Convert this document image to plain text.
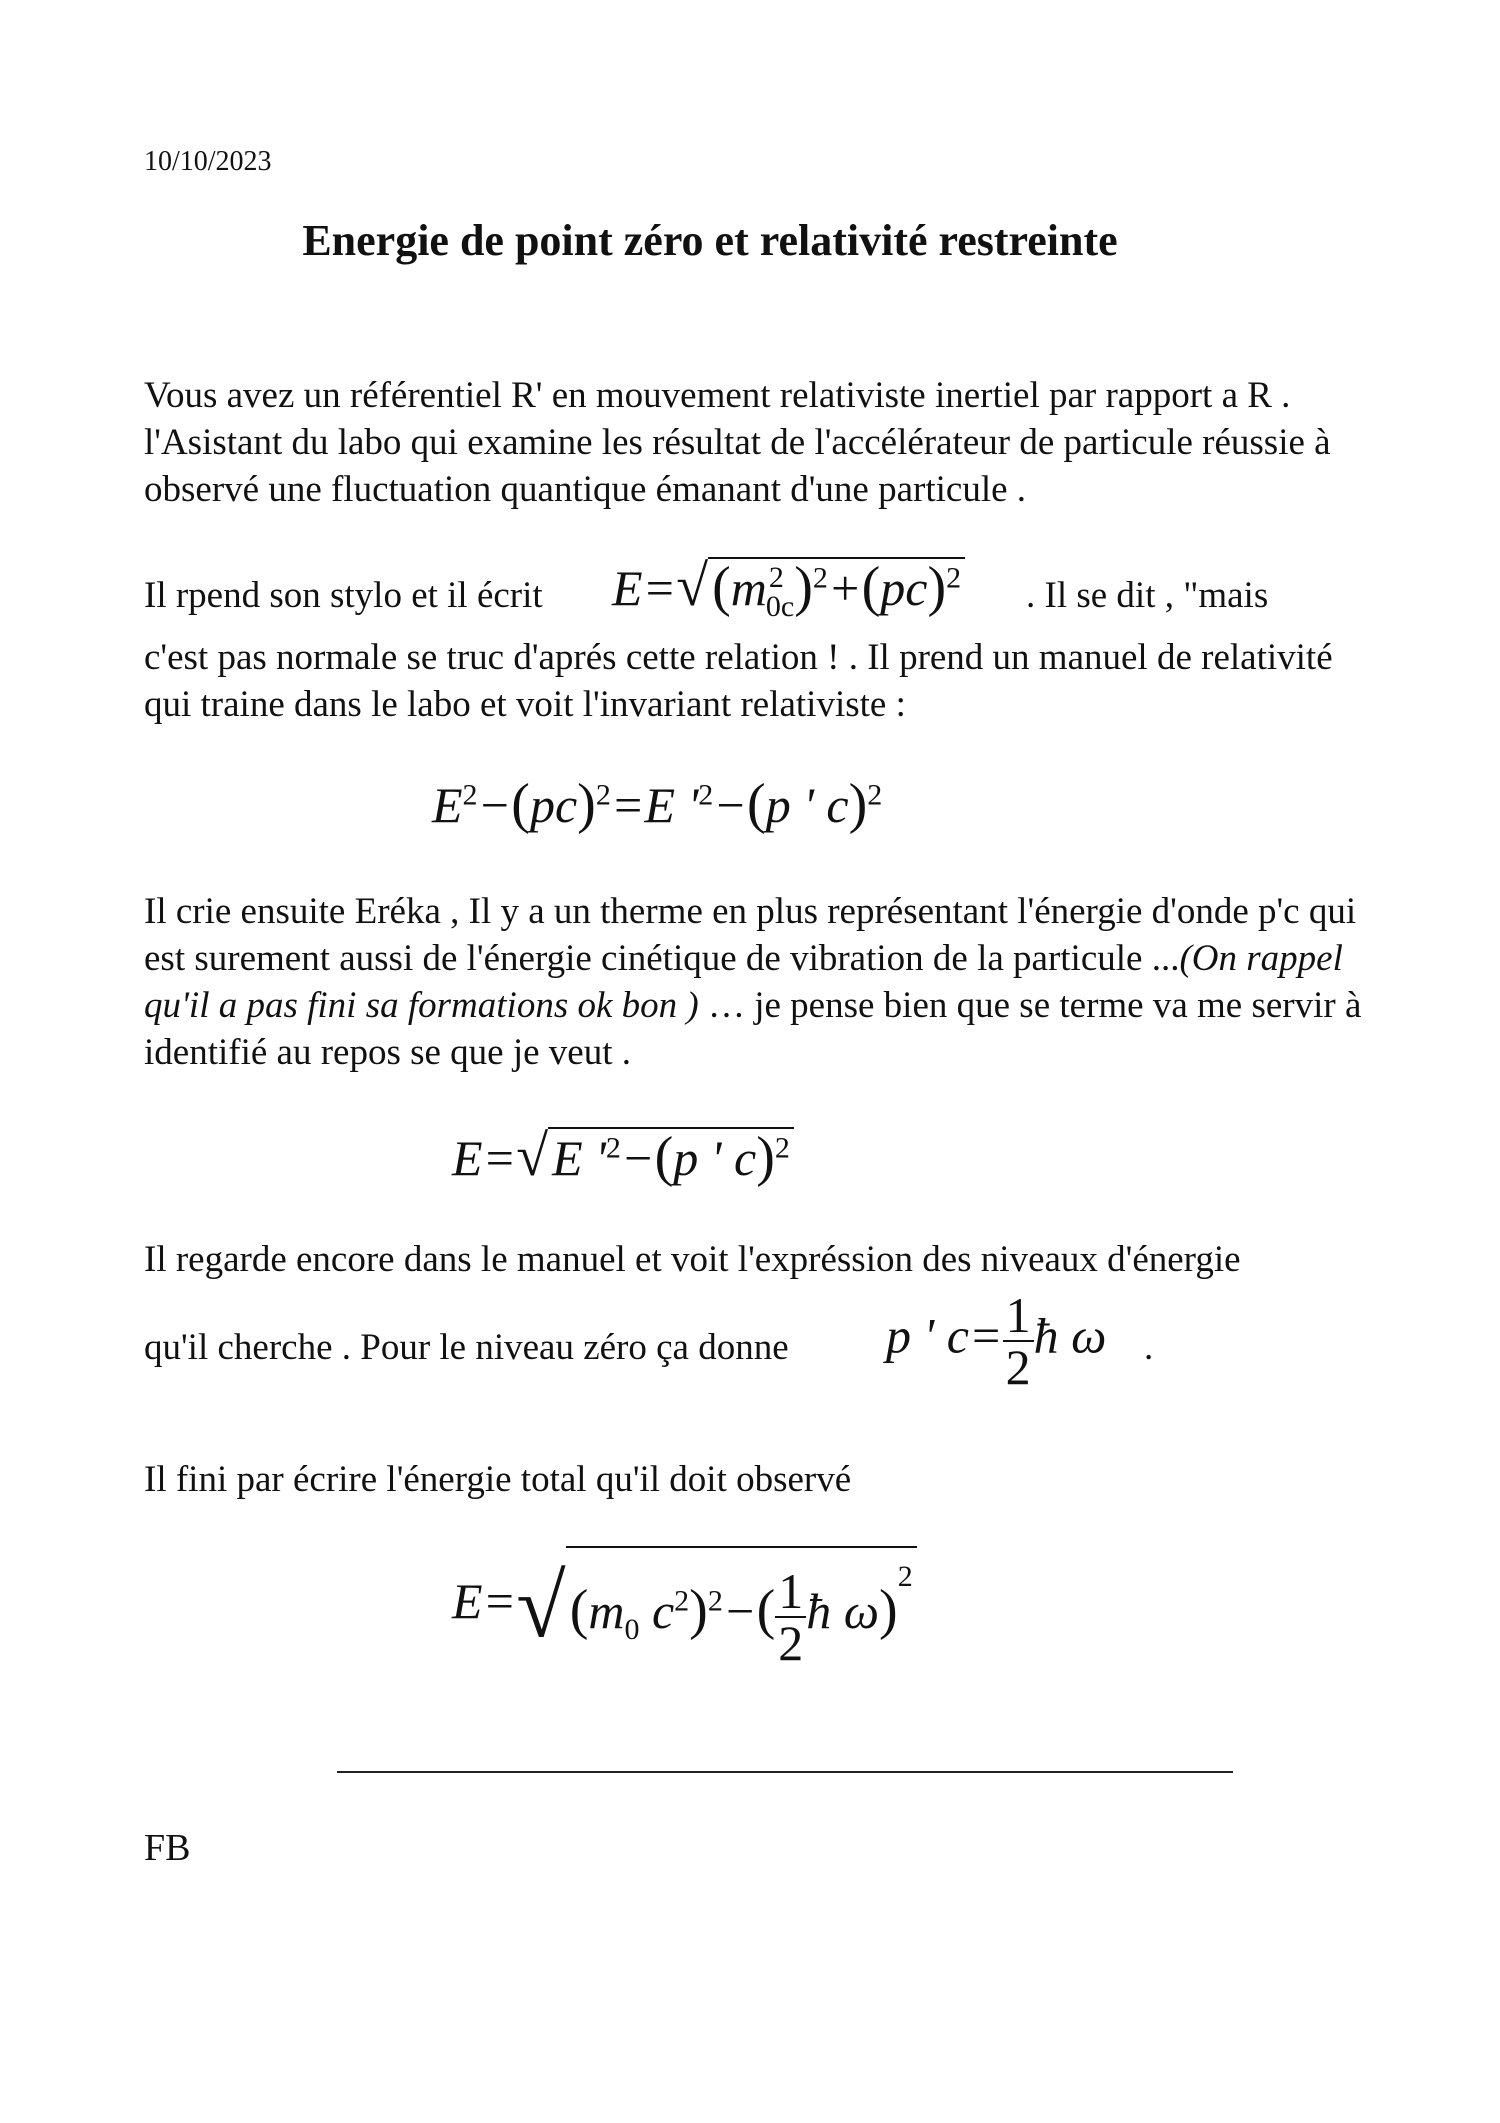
10/10/2023
Energie de point zéro et relativité restreinte

Vous avez un référentiel R' en mouvement relativiste inertiel par rapport a R . l'Asistant du labo qui examine les résultat de l'accélérateur de particule réussie à observé une fluctuation quantique émanant d'une particule .

Il rpend son stylo et il écrit $E=√(m^2_{0c})^2+(pc)^2$ . Il se dit , "mais

c'est pas normale se truc d'aprés cette relation ! . Il prend un manuel de relativité qui traine dans le labo et voit l'invariant relativiste :

$E^2-(pc)^2=E$ '$^2-(p$ ' c)$^2$

Il crie ensuite Eréka , Il y a un therme en plus représentant l'énergie d'onde p'c qui est surement aussi de l'énergie cinétique de vibration de la particule ...(On rappel qu'il a pas fini sa formations ok bon ) … je pense bien que se terme va me servir à identifié au repos se que je veut .

E=√E '$^2-(p$ ' c)$^2$
Il regarde encore dans le manuel et voit l'expréssion des niveaux d'énergie
qu'il cherche . Pour le niveau zéro ça donne p ' $c= \frac{1}{2}$ ħ ω .
Il fini par écrire l'énergie total qu'il doit observé
$E=√(m_0$ $c^2)^2-( \frac{1}{2}$ ħ ω)$^2$
FB
